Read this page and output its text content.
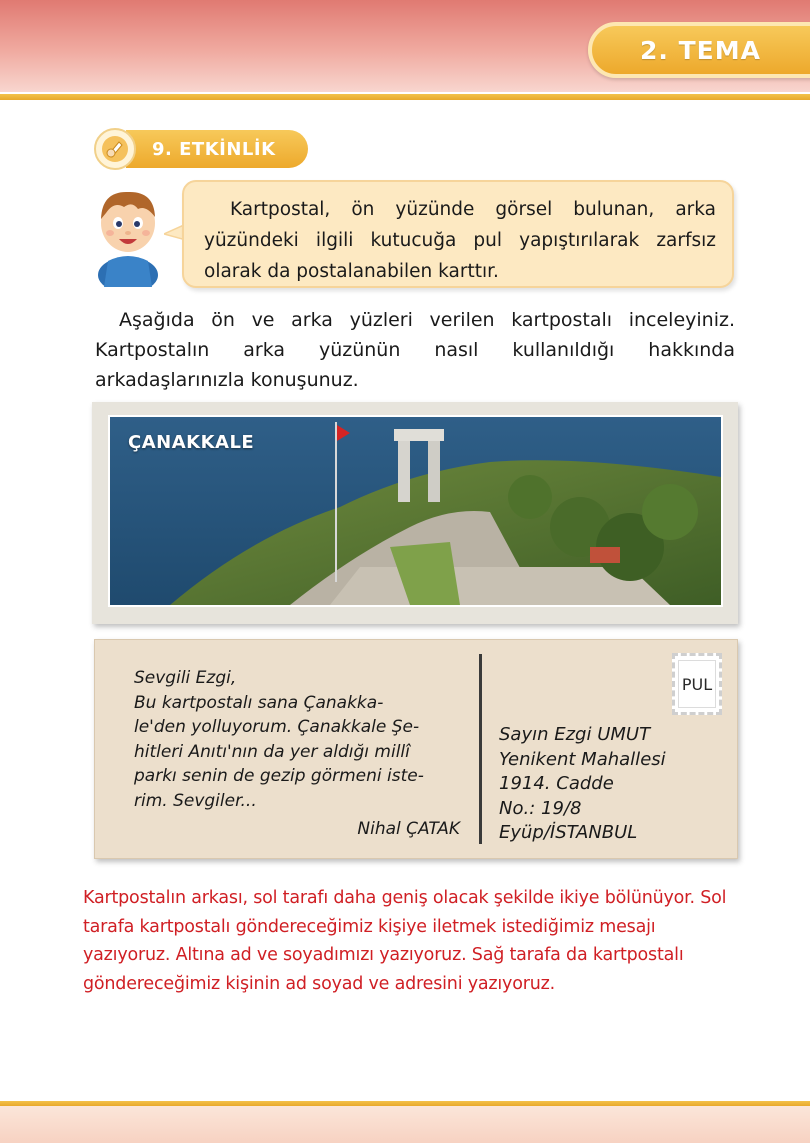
2. TEMA
9. ETKİNLİK

Kartpostal, ön yüzünde görsel bulunan, arka yüzündeki ilgili kutucuğa pul yapıştırılarak zarfsız olarak da postalanabilen karttır.

Aşağıda ön ve arka yüzleri verilen kartpostalı inceleyiniz. Kartpostalın arka yüzünün nasıl kullanıldığı hakkında arkadaşlarınızla konuşunuz.

ÇANAKKALE
Sevgili Ezgi,
Bu kartpostalı sana Çanakka-
le'den yolluyorum. Çanakkale Şe-
hitleri Anıtı'nın da yer aldığı millî
parkı senin de gezip görmeni iste-
rim. Sevgiler...
Nihal ÇATAK
PUL
Sayın Ezgi UMUT
Yenikent Mahallesi
1914. Cadde
No.: 19/8
Eyüp/İSTANBUL

Kartpostalın arkası, sol tarafı daha geniş olacak şekilde ikiye bölünüyor. Sol tarafa kartpostalı göndereceğimiz kişiye iletmek istediğimiz mesajı yazıyoruz. Altına ad ve soyadımızı yazıyoruz. Sağ tarafa da kartpostalı göndereceğimiz kişinin ad soyad ve adresini yazıyoruz.
